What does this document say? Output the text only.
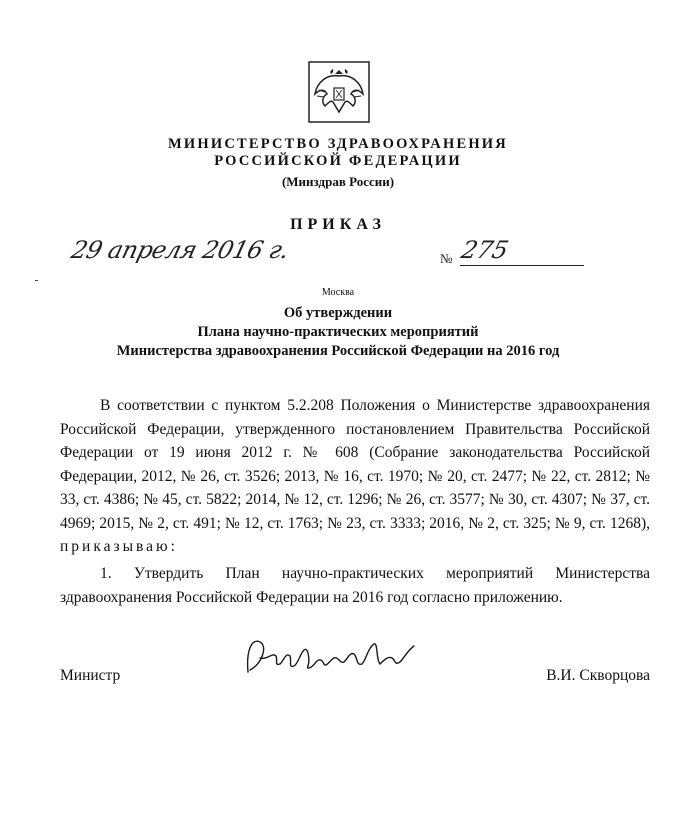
МИНИСТЕРСТВО ЗДРАВООХРАНЕНИЯ
РОССИЙСКОЙ ФЕДЕРАЦИИ
(Минздрав России)
ПРИКАЗ
29 апреля 2016 г.	№ 275
Москва
Об утверждении
Плана научно-практических мероприятий
Министерства здравоохранения Российской Федерации на 2016 год
В соответствии с пунктом 5.2.208 Положения о Министерстве здравоохранения Российской Федерации, утвержденного постановлением Правительства Российской Федерации от 19 июня 2012 г. № 608 (Собрание законодательства Российской Федерации, 2012, № 26, ст. 3526; 2013, № 16, ст. 1970; № 20, ст. 2477; № 22, ст. 2812; № 33, ст. 4386; № 45, ст. 5822; 2014, № 12, ст. 1296; № 26, ст. 3577; № 30, ст. 4307; № 37, ст. 4969; 2015, № 2, ст. 491; № 12, ст. 1763; № 23, ст. 3333; 2016, № 2, ст. 325; № 9, ст. 1268), приказываю:
1. Утвердить План научно-практических мероприятий Министерства здравоохранения Российской Федерации на 2016 год согласно приложению.
Министр	В.И. Скворцова
